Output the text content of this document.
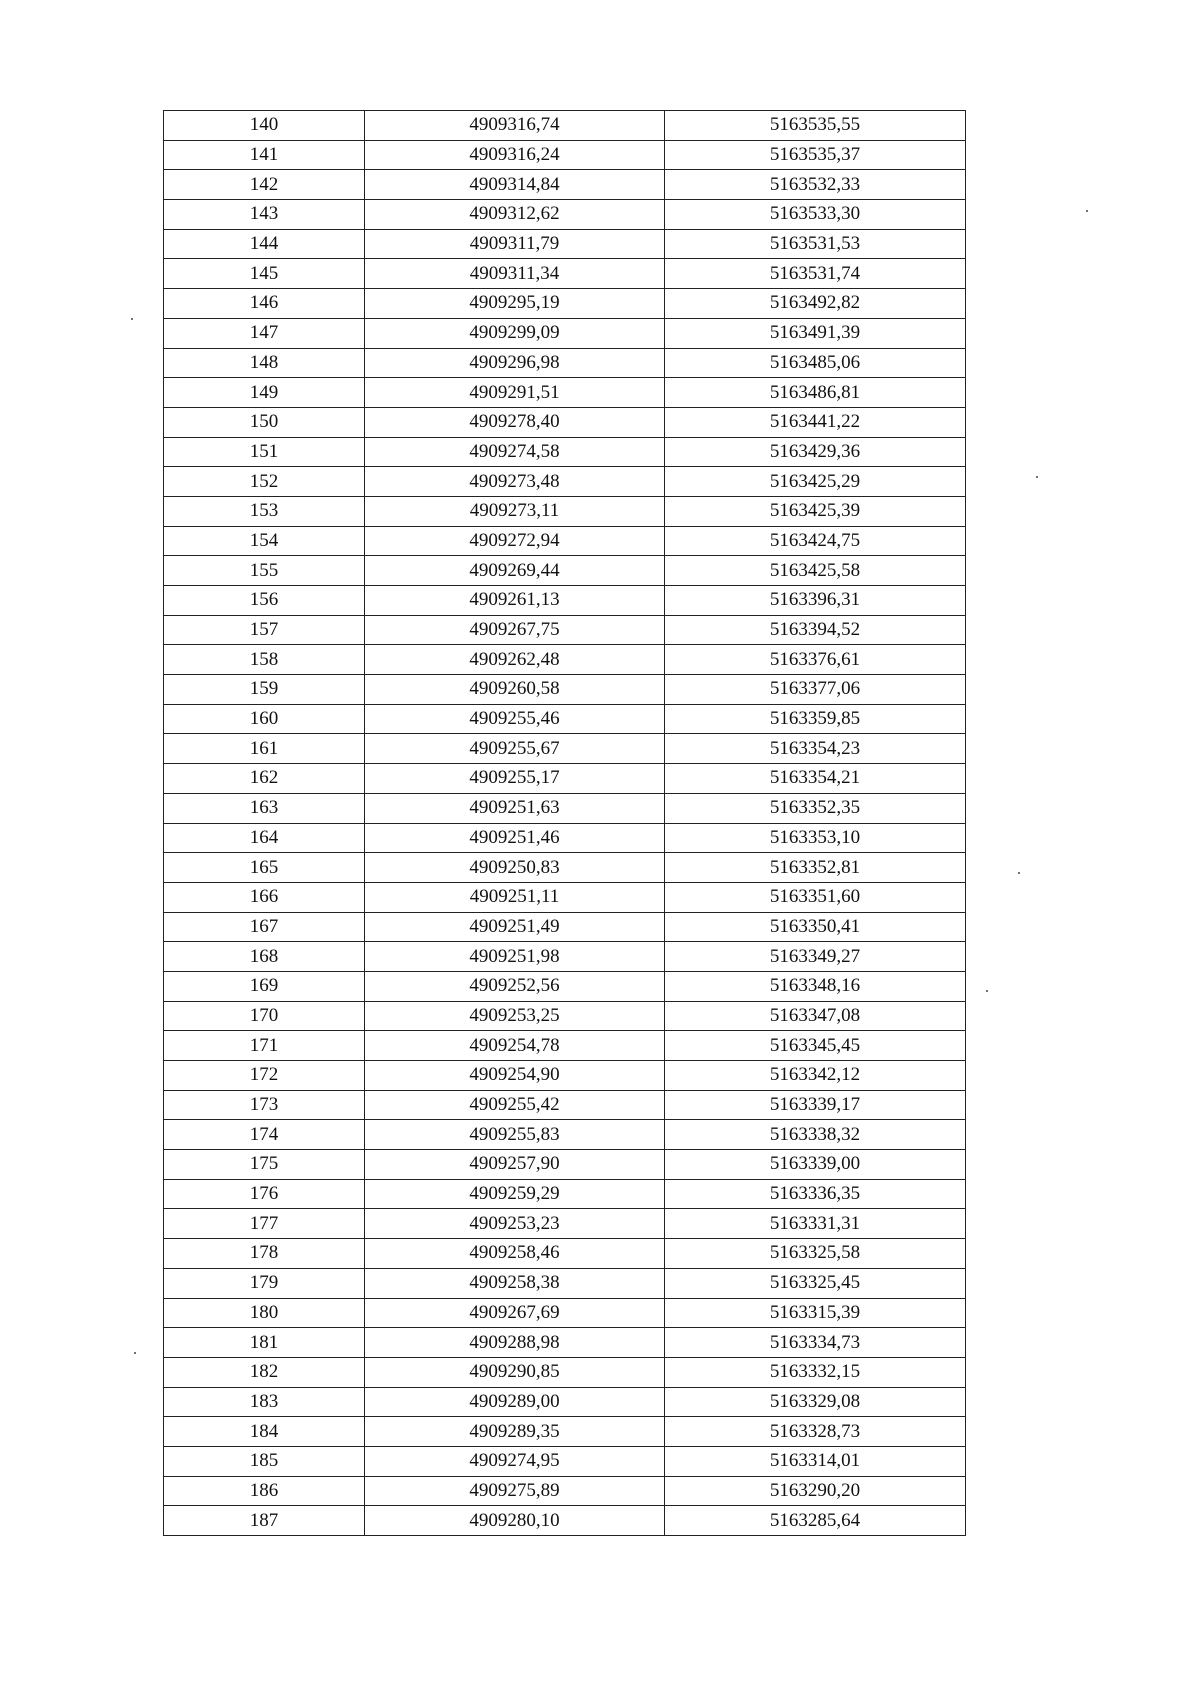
140	4909316,74	5163535,55
141	4909316,24	5163535,37
142	4909314,84	5163532,33
143	4909312,62	5163533,30
144	4909311,79	5163531,53
145	4909311,34	5163531,74
146	4909295,19	5163492,82
147	4909299,09	5163491,39
148	4909296,98	5163485,06
149	4909291,51	5163486,81
150	4909278,40	5163441,22
151	4909274,58	5163429,36
152	4909273,48	5163425,29
153	4909273,11	5163425,39
154	4909272,94	5163424,75
155	4909269,44	5163425,58
156	4909261,13	5163396,31
157	4909267,75	5163394,52
158	4909262,48	5163376,61
159	4909260,58	5163377,06
160	4909255,46	5163359,85
161	4909255,67	5163354,23
162	4909255,17	5163354,21
163	4909251,63	5163352,35
164	4909251,46	5163353,10
165	4909250,83	5163352,81
166	4909251,11	5163351,60
167	4909251,49	5163350,41
168	4909251,98	5163349,27
169	4909252,56	5163348,16
170	4909253,25	5163347,08
171	4909254,78	5163345,45
172	4909254,90	5163342,12
173	4909255,42	5163339,17
174	4909255,83	5163338,32
175	4909257,90	5163339,00
176	4909259,29	5163336,35
177	4909253,23	5163331,31
178	4909258,46	5163325,58
179	4909258,38	5163325,45
180	4909267,69	5163315,39
181	4909288,98	5163334,73
182	4909290,85	5163332,15
183	4909289,00	5163329,08
184	4909289,35	5163328,73
185	4909274,95	5163314,01
186	4909275,89	5163290,20
187	4909280,10	5163285,64
